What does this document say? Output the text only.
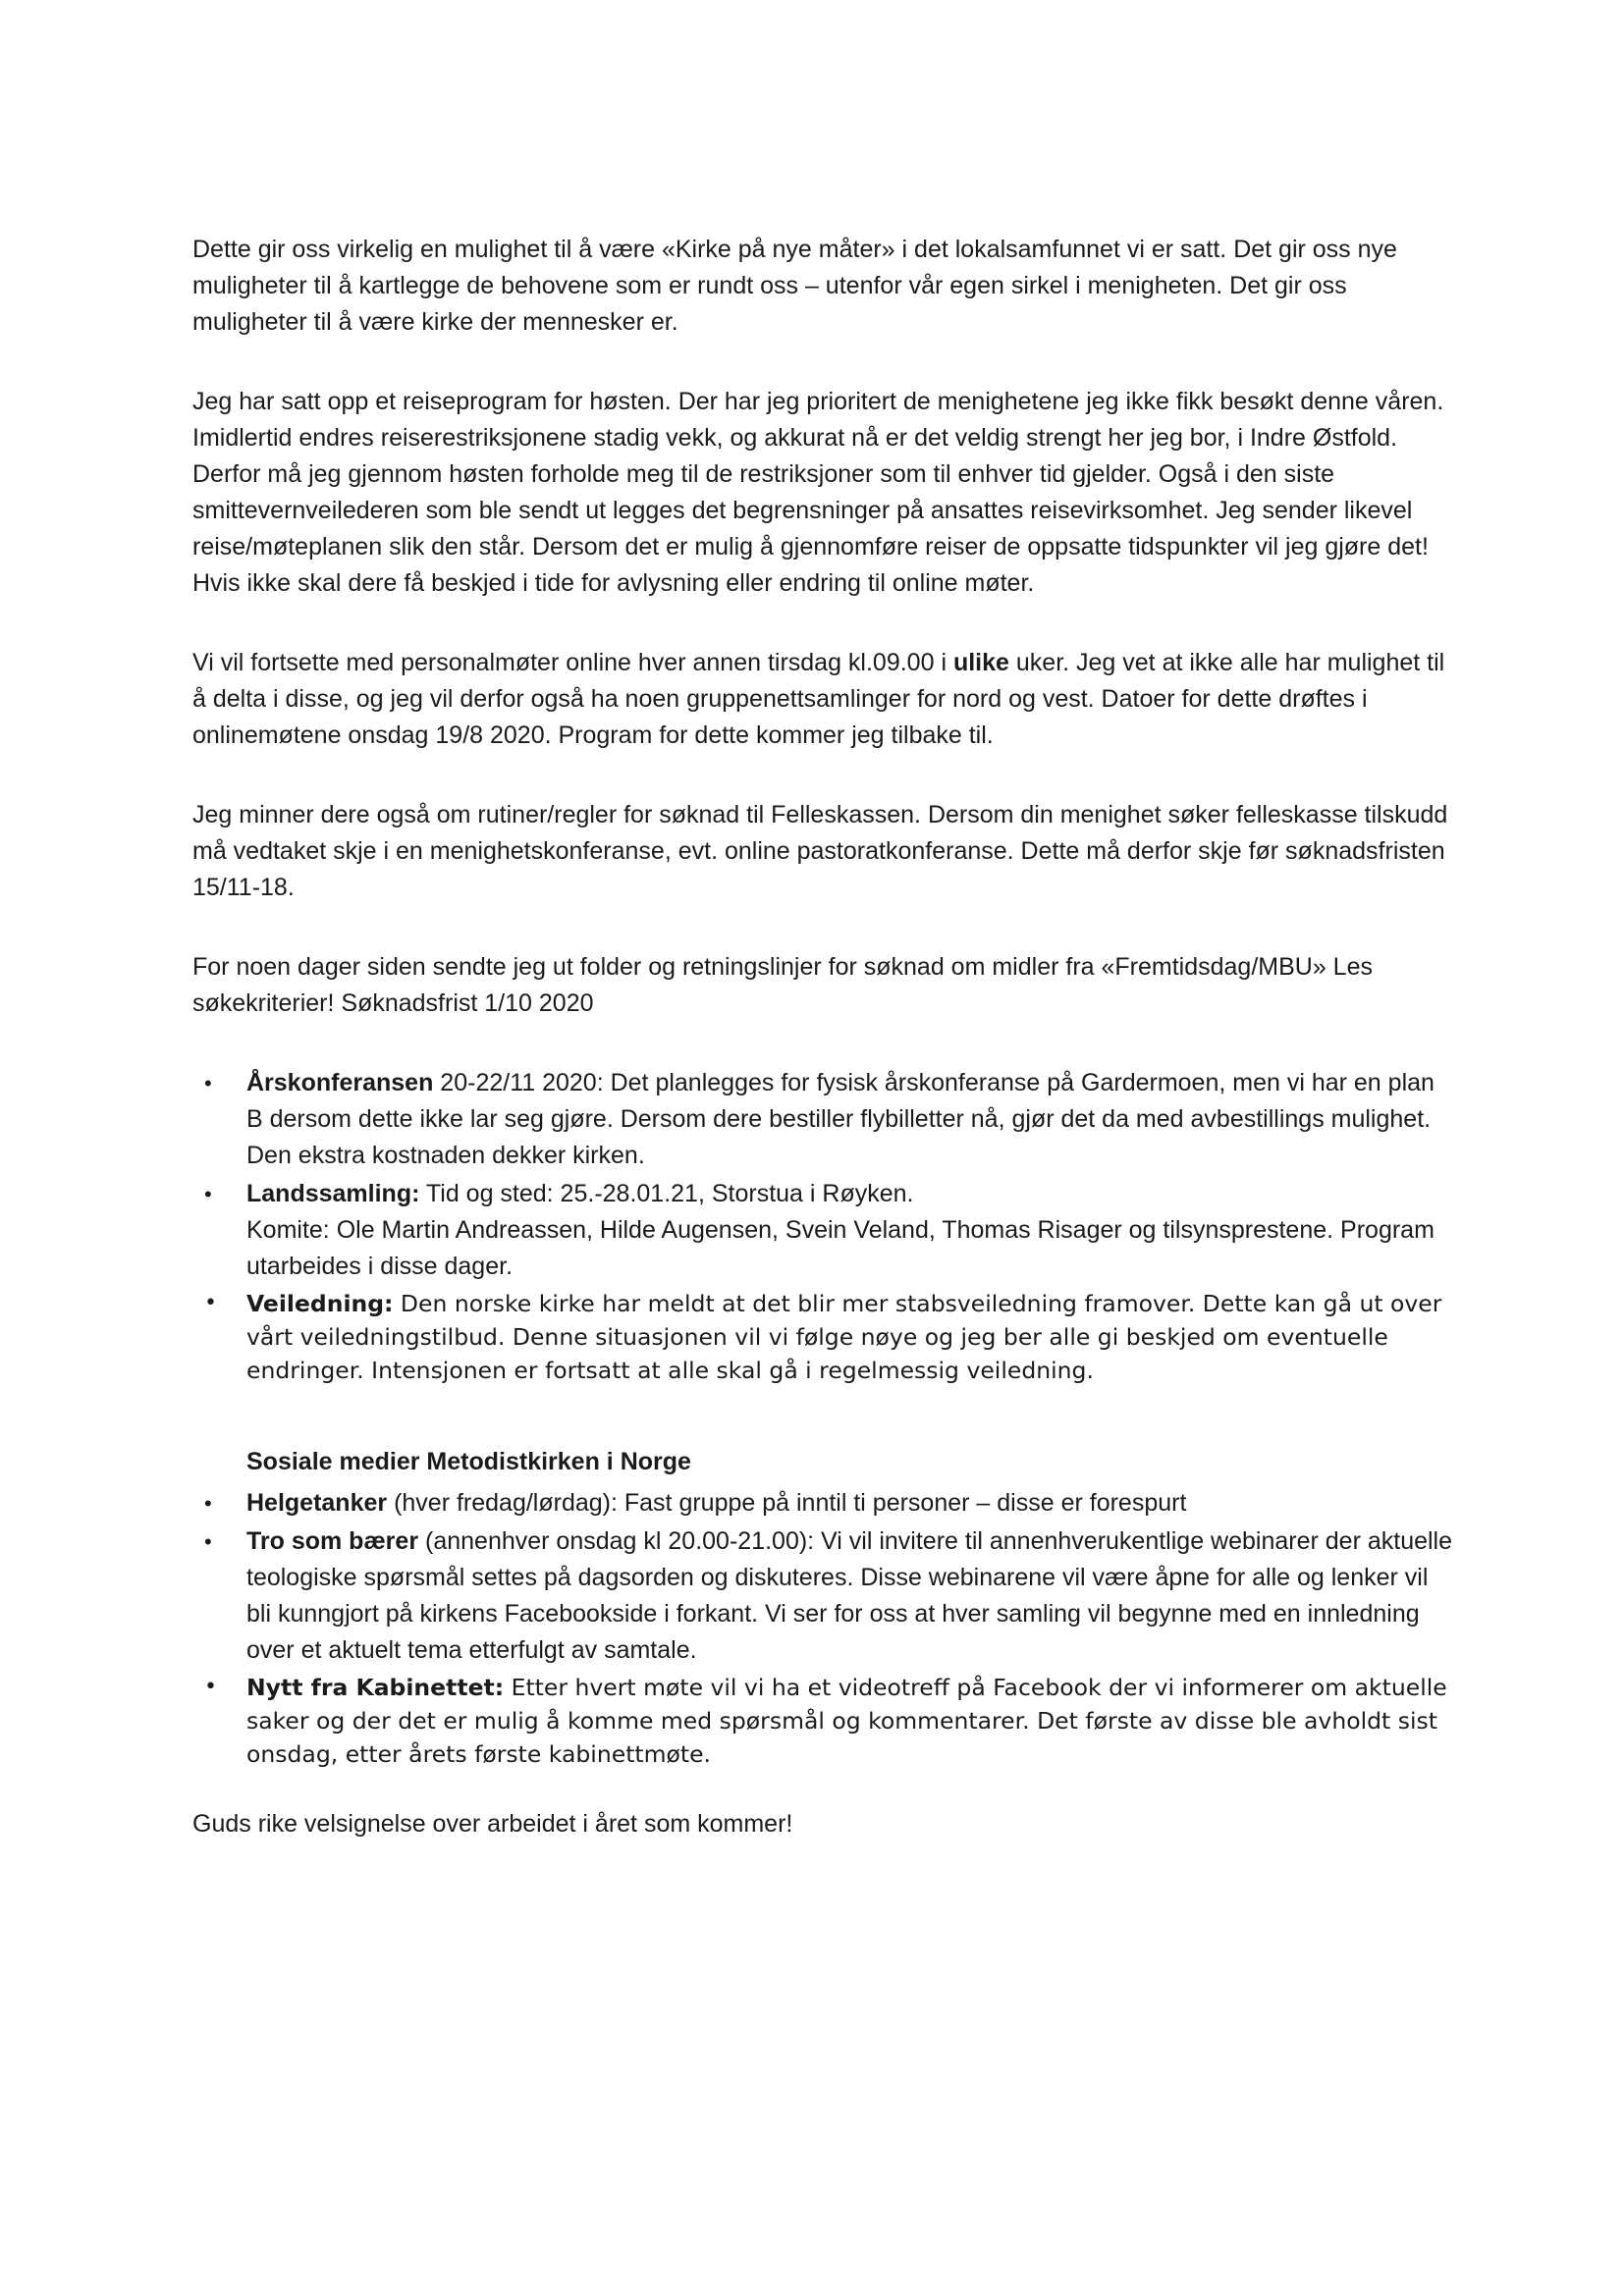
Dette gir oss virkelig en mulighet til å være «Kirke på nye måter» i det lokalsamfunnet vi er satt. Det gir oss nye muligheter til å kartlegge de behovene som er rundt oss – utenfor vår egen sirkel i menigheten. Det gir oss muligheter til å være kirke der mennesker er.

Jeg har satt opp et reiseprogram for høsten. Der har jeg prioritert de menighetene jeg ikke fikk besøkt denne våren. Imidlertid endres reiserestriksjonene stadig vekk, og akkurat nå er det veldig strengt her jeg bor, i Indre Østfold. Derfor må jeg gjennom høsten forholde meg til de restriksjoner som til enhver tid gjelder. Også i den siste smittevernveilederen som ble sendt ut legges det begrensninger på ansattes reisevirksomhet. Jeg sender likevel reise/møteplanen slik den står. Dersom det er mulig å gjennomføre reiser de oppsatte tidspunkter vil jeg gjøre det! Hvis ikke skal dere få beskjed i tide for avlysning eller endring til online møter.

Vi vil fortsette med personalmøter online hver annen tirsdag kl.09.00 i ulike uker. Jeg vet at ikke alle har mulighet til å delta i disse, og jeg vil derfor også ha noen gruppenettsamlinger for nord og vest. Datoer for dette drøftes i onlinemøtene onsdag 19/8 2020. Program for dette kommer jeg tilbake til.

Jeg minner dere også om rutiner/regler for søknad til Felleskassen. Dersom din menighet søker felleskasse tilskudd må vedtaket skje i en menighetskonferanse, evt. online pastoratkonferanse. Dette må derfor skje før søknadsfristen 15/11-18.

For noen dager siden sendte jeg ut folder og retningslinjer for søknad om midler fra «Fremtidsdag/MBU» Les søkekriterier! Søknadsfrist 1/10 2020

•	Årskonferansen 20-22/11 2020: Det planlegges for fysisk årskonferanse på Gardermoen, men vi har en plan B dersom dette ikke lar seg gjøre. Dersom dere bestiller flybilletter nå, gjør det da med avbestillings mulighet. Den ekstra kostnaden dekker kirken.
•	Landssamling: Tid og sted: 25.-28.01.21, Storstua i Røyken.
Komite: Ole Martin Andreassen, Hilde Augensen, Svein Veland, Thomas Risager og tilsynsprestene. Program utarbeides i disse dager.
•	Veiledning: Den norske kirke har meldt at det blir mer stabsveiledning framover. Dette kan gå ut over vårt veiledningstilbud. Denne situasjonen vil vi følge nøye og jeg ber alle gi beskjed om eventuelle endringer. Intensjonen er fortsatt at alle skal gå i regelmessig veiledning.
Sosiale medier Metodistkirken i Norge
•	Helgetanker (hver fredag/lørdag): Fast gruppe på inntil ti personer – disse er forespurt
•	Tro som bærer (annenhver onsdag kl 20.00-21.00): Vi vil invitere til annenhverukentlige webinarer der aktuelle teologiske spørsmål settes på dagsorden og diskuteres. Disse webinarene vil være åpne for alle og lenker vil bli kunngjort på kirkens Facebookside i forkant. Vi ser for oss at hver samling vil begynne med en innledning over et aktuelt tema etterfulgt av samtale.
•	Nytt fra Kabinettet: Etter hvert møte vil vi ha et videotreff på Facebook der vi informerer om aktuelle saker og der det er mulig å komme med spørsmål og kommentarer. Det første av disse ble avholdt sist onsdag, etter årets første kabinettmøte.

Guds rike velsignelse over arbeidet i året som kommer!
